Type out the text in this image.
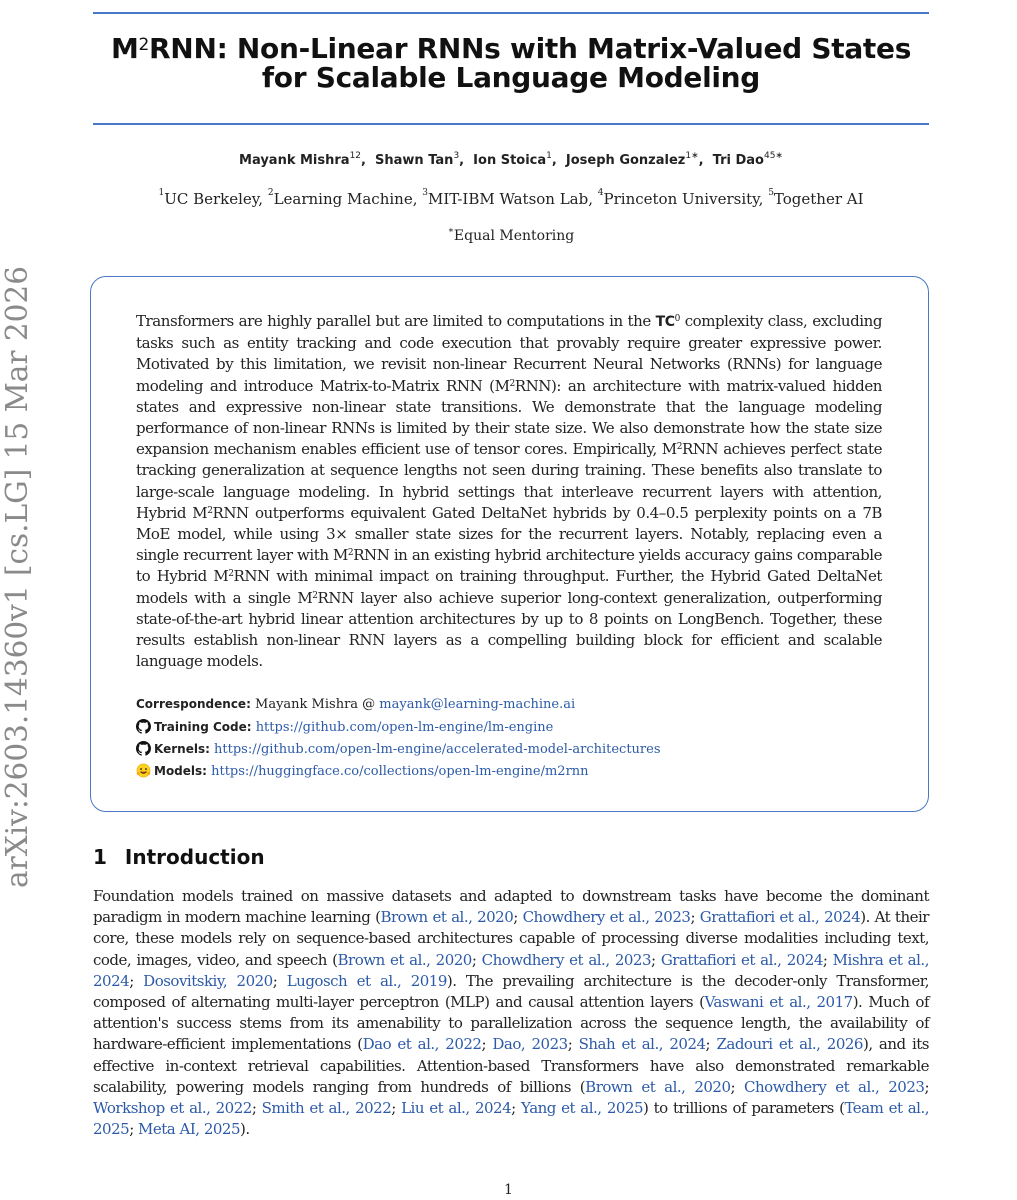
arXiv:2603.14360v1 [cs.LG] 15 Mar 2026
$M^2RNN$: Non-Linear RNNs with Matrix-Valued States
for Scalable Language Modeling
Mayank Mishra$^{12}$,  Shawn Tan$^3$,  Ion Stoica$^1$,  Joseph Gonzalez$^{1∗}$,  Tri Dao$^{45∗}$
$^1$UC Berkeley, $^2$Learning Machine, $^3$MIT-IBM Watson Lab, $^4$Princeton University, $^5$Together AI
∗Equal Mentoring
Transformers are highly parallel but are limited to computations in the $TC^0$ complexity class, excluding tasks such as entity tracking and code execution that provably require greater expressive power. Motivated by this limitation, we revisit non-linear Recurrent Neural Networks (RNNs) for language modeling and introduce Matrix-to-Matrix RNN $(M^2RNN)$: an architecture with matrix-valued hidden states and expressive non-linear state transitions. We demonstrate that the language modeling performance of non-linear RNNs is limited by their state size. We also demonstrate how the state size expansion mechanism enables efficient use of tensor cores. Empirically, $M^2RNN$ achieves perfect state tracking generalization at sequence lengths not seen during training. These benefits also translate to large-scale language modeling. In hybrid settings that interleave recurrent layers with attention, Hybrid $M^2RNN$ outperforms equivalent Gated DeltaNet hybrids by 0.4–0.5 perplexity points on a 7B MoE model, while using 3× smaller state sizes for the recurrent layers. Notably, replacing even a single recurrent layer with $M^2RNN$ in an existing hybrid architecture yields accuracy gains comparable to Hybrid $M^2RNN$ with minimal impact on training throughput. Further, the Hybrid Gated DeltaNet models with a single $M^2RNN$ layer also achieve superior long-context generalization, outperforming state-of-the-art hybrid linear attention architectures by up to 8 points on LongBench. Together, these results establish non-linear RNN layers as a compelling building block for efficient and scalable language models.
Correspondence: Mayank Mishra @ mayank@learning-machine.ai
Training Code: https://github.com/open-lm-engine/lm-engine
Kernels: https://github.com/open-lm-engine/accelerated-model-architectures
Models: https://huggingface.co/collections/open-lm-engine/m2rnn
1 Introduction
Foundation models trained on massive datasets and adapted to downstream tasks have become the dominant paradigm in modern machine learning (Brown et al., 2020; Chowdhery et al., 2023; Grattafiori et al., 2024). At their core, these models rely on sequence-based architectures capable of processing diverse modalities including text, code, images, video, and speech (Brown et al., 2020; Chowdhery et al., 2023; Grattafiori et al., 2024; Mishra et al., 2024; Dosovitskiy, 2020; Lugosch et al., 2019). The prevailing architecture is the decoder-only Transformer, composed of alternating multi-layer perceptron (MLP) and causal attention layers (Vaswani et al., 2017). Much of attention's success stems from its amenability to parallelization across the sequence length, the availability of hardware-efficient implementations (Dao et al., 2022; Dao, 2023; Shah et al., 2024; Zadouri et al., 2026), and its effective in-context retrieval capabilities. Attention-based Transformers have also demonstrated remarkable scalability, powering models ranging from hundreds of billions (Brown et al., 2020; Chowdhery et al., 2023; Workshop et al., 2022; Smith et al., 2022; Liu et al., 2024; Yang et al., 2025) to trillions of parameters (Team et al., 2025; Meta AI, 2025).
1
